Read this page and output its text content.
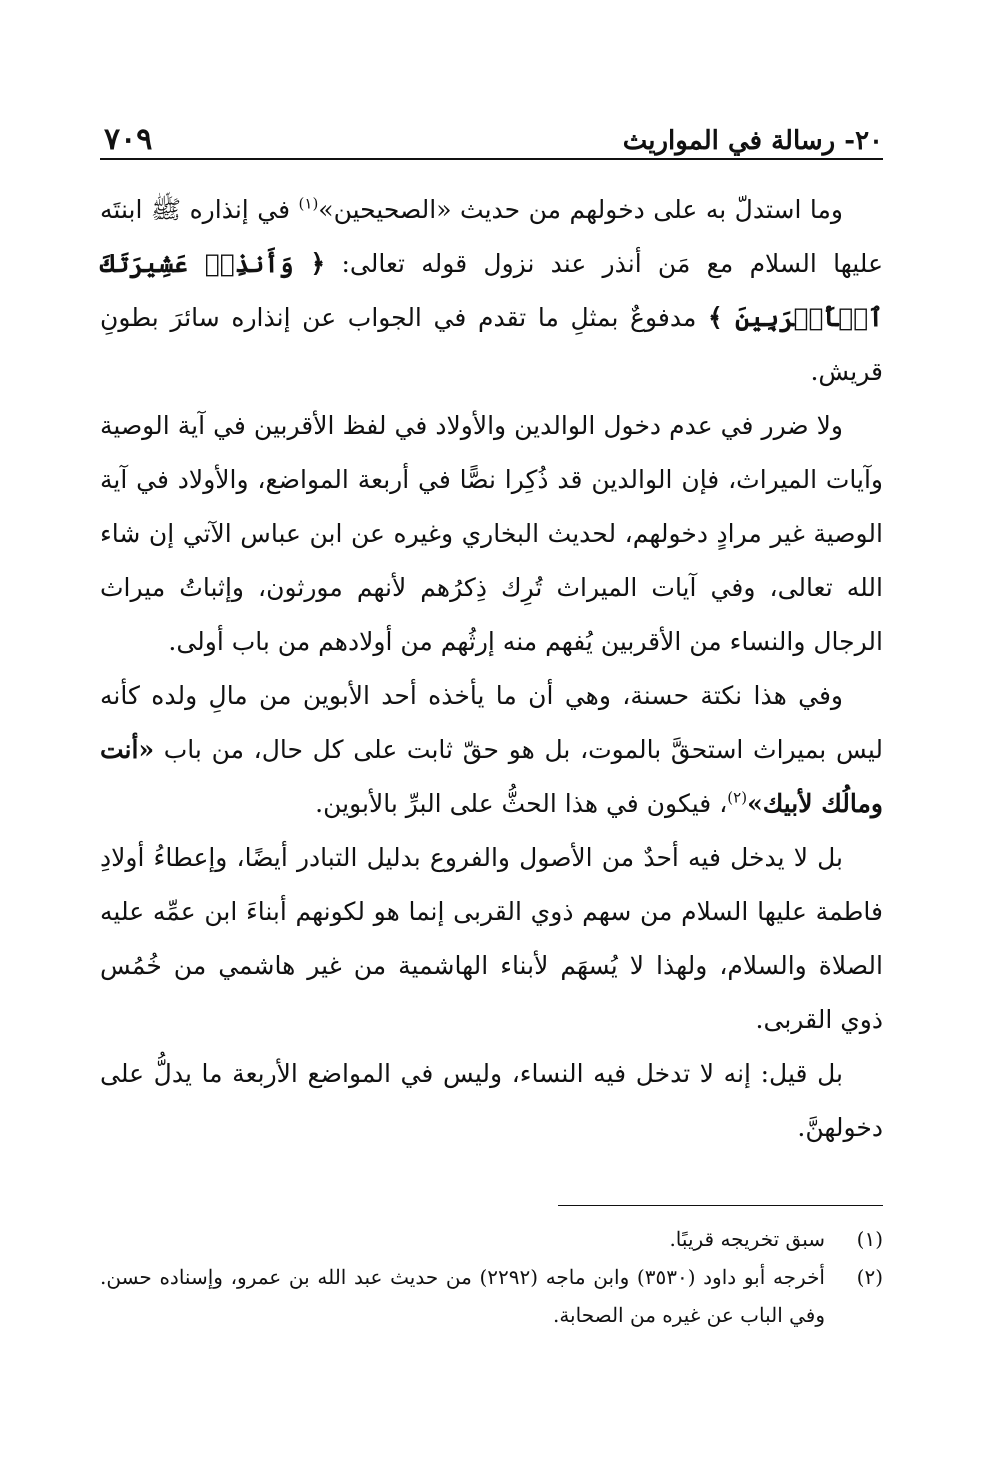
٢٠- رسالة في المواريث
٧٠٩

وما استدلّ به على دخولهم من حديث «الصحيحين»$^{(١)}$ في إنذاره ﷺ ابنتَه عليها السلام مع مَن أنذر عند نزول قوله تعالى: ﴿ وَأَنذِرۡ عَشِيرَتَكَ ٱلۡأَقۡرَبِينَ ﴾ مدفوعٌ بمثلِ ما تقدم في الجواب عن إنذاره سائرَ بطونِ قريش.

ولا ضرر في عدم دخول الوالدين والأولاد في لفظ الأقربين في آية الوصية وآيات الميراث، فإن الوالدين قد ذُكِرا نصًّا في أربعة المواضع، والأولاد في آية الوصية غير مرادٍ دخولهم، لحديث البخاري وغيره عن ابن عباس الآتي إن شاء الله تعالى، وفي آيات الميراث تُرِك ذِكرُهم لأنهم مورثون، وإثباتُ ميراث الرجال والنساء من الأقربين يُفهم منه إرثُهم من أولادهم من باب أولى.

وفي هذا نكتة حسنة، وهي أن ما يأخذه أحد الأبوين من مالِ ولده كأنه ليس بميراث استحقَّ بالموت، بل هو حقّ ثابت على كل حال، من باب «أنت ومالُك لأبيك»$^{(٢)}$، فيكون في هذا الحثُّ على البرِّ بالأبوين.

بل لا يدخل فيه أحدٌ من الأصول والفروع بدليل التبادر أيضًا، وإعطاءُ أولادِ فاطمة عليها السلام من سهم ذوي القربى إنما هو لكونهم أبناءَ ابن عمِّه عليه الصلاة والسلام، ولهذا لا يُسهَم لأبناء الهاشمية من غير هاشمي من خُمُس ذوي القربى.

بل قيل: إنه لا تدخل فيه النساء، وليس في المواضع الأربعة ما يدلُّ على دخولهنَّ.

(١)
سبق تخريجه قريبًا.

(٢)
أخرجه أبو داود (٣٥٣٠) وابن ماجه (٢٢٩٢) من حديث عبد الله بن عمرو، وإسناده حسن. وفي الباب عن غيره من الصحابة.
